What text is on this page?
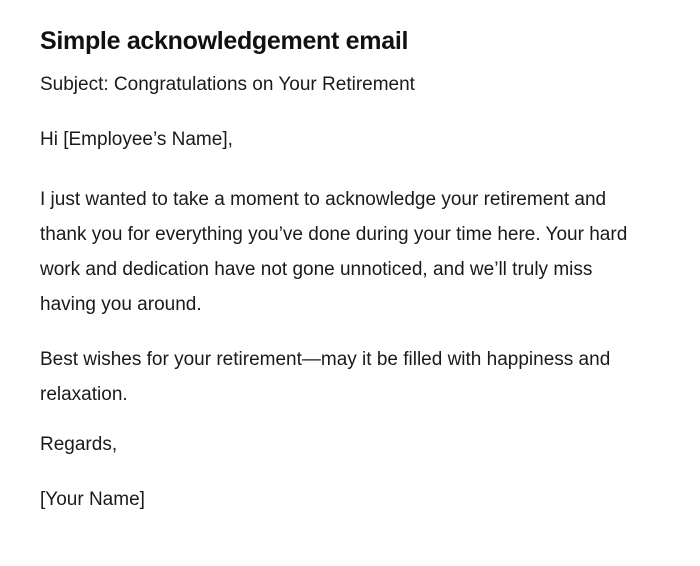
Simple acknowledgement email

Subject: Congratulations on Your Retirement

Hi [Employee’s Name],

I just wanted to take a moment to acknowledge your retirement and thank you for everything you’ve done during your time here. Your hard work and dedication have not gone unnoticed, and we’ll truly miss having you around.

Best wishes for your retirement—may it be filled with happiness and relaxation.

Regards,

[Your Name]
